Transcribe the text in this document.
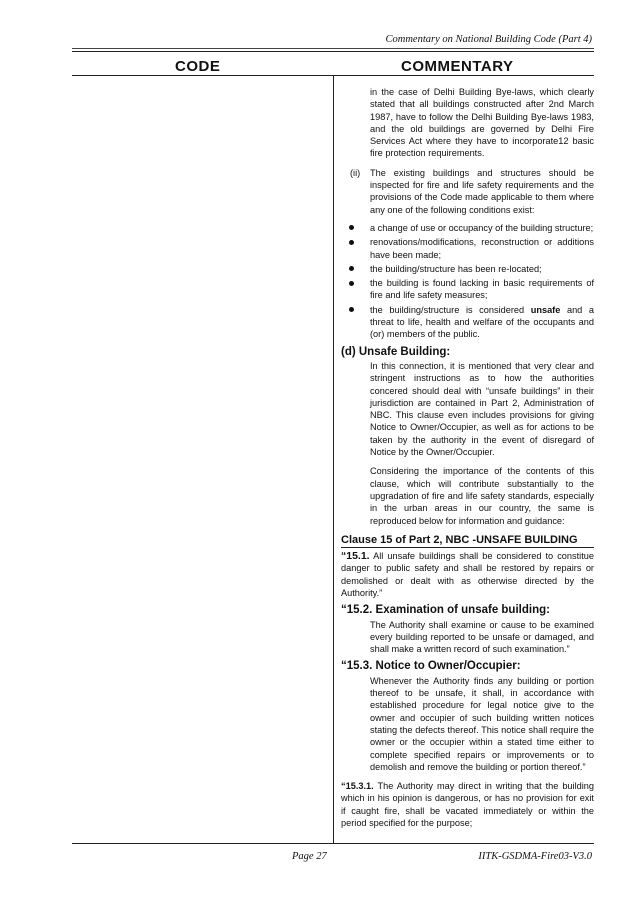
Commentary on National Building Code (Part 4)
CODE	COMMENTARY

in the case of Delhi Building Bye-laws, which clearly stated that all buildings constructed after 2nd March 1987, have to follow the Delhi Building Bye-laws 1983, and the old buildings are governed by Delhi Fire Services Act where they have to incorporate12 basic fire protection requirements.

(ii)	The existing buildings and structures should be inspected for fire and life safety requirements and the provisions of the Code made applicable to them where any one of the following conditions exist:
a change of use or occupancy of the building structure;
renovations/modifications, reconstruction or additions have been made;
the building/structure has been re-located;
the building is found lacking in basic requirements of fire and life safety measures;
the building/structure is considered unsafe and a threat to life, health and welfare of the occupants and (or) members of the public.
(d) Unsafe Building:

In this connection, it is mentioned that very clear and stringent instructions as to how the authorities concered should deal with “unsafe buildings” in their jurisdiction are contained in Part 2, Administration of NBC. This clause even includes provisions for giving Notice to Owner/Occupier, as well as for actions to be taken by the authority in the event of disregard of Notice by the Owner/Occupier.

Considering the importance of the contents of this clause, which will contribute substantially to the upgradation of fire and life safety standards, especially in the urban areas in our country, the same is reproduced below for information and guidance:

Clause 15 of Part 2, NBC -UNSAFE BUILDING

“15.1. All unsafe buildings shall be considered to constitue danger to public safety and shall be restored by repairs or demolished or dealt with as otherwise directed by the Authority.”

“15.2. Examination of unsafe building:

The Authority shall examine or cause to be examined every building reported to be unsafe or damaged, and shall make a written record of such examination.”

“15.3. Notice to Owner/Occupier:

Whenever the Authority finds any building or portion thereof to be unsafe, it shall, in accordance with established procedure for legal notice give to the owner and occupier of such building written notices stating the defects thereof. This notice shall require the owner or the occupier within a stated time either to complete specified repairs or improvements or to demolish and remove the building or portion thereof.”

“15.3.1. The Authority may direct in writing that the building which in his opinion is dangerous, or has no provision for exit if caught fire, shall be vacated immediately or within the period specified for the purpose;

Page 27	IITK-GSDMA-Fire03-V3.0
